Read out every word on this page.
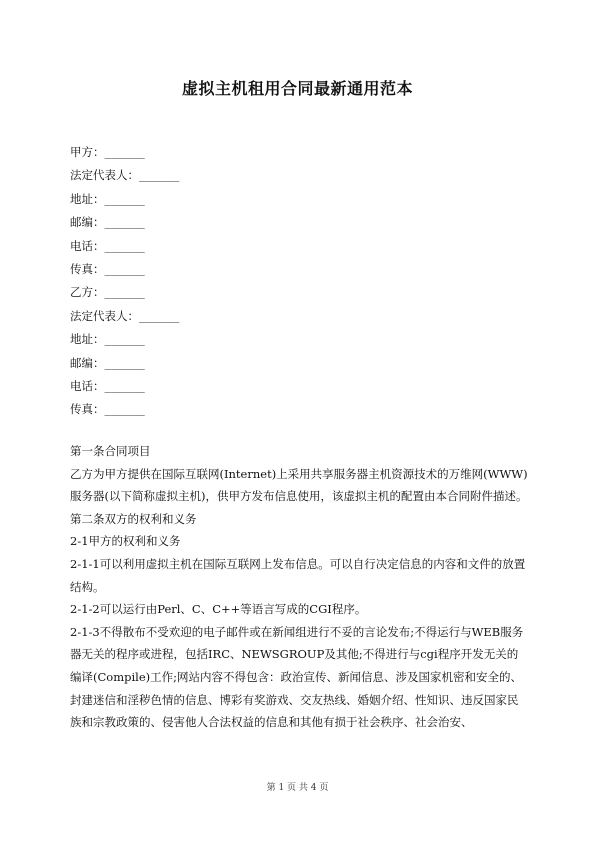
虚拟主机租用合同最新通用范本
甲方：_______
法定代表人：_______
地址：_______
邮编：_______
电话：_______
传真：_______
乙方：_______
法定代表人：_______
地址：_______
邮编：_______
电话：_______
传真：_______

第一条合同项目

乙方为甲方提供在国际互联网(Internet)上采用共享服务器主机资源技术的万维网(WWW)服务器(以下简称虚拟主机)，供甲方发布信息使用，该虚拟主机的配置由本合同附件描述。

第二条双方的权利和义务

2-1甲方的权利和义务

2-1-1可以利用虚拟主机在国际互联网上发布信息。可以自行决定信息的内容和文件的放置结构。

2-1-2可以运行由Perl、C、C++等语言写成的CGI程序。

2-1-3不得散布不受欢迎的电子邮件或在新闻组进行不妥的言论发布;不得运行与WEB服务器无关的程序或进程，包括IRC、NEWSGROUP及其他;不得进行与cgi程序开发无关的编译(Compile)工作;网站内容不得包含：政治宣传、新闻信息、涉及国家机密和安全的、封建迷信和淫秽色情的信息、博彩有奖游戏、交友热线、婚姻介绍、性知识、违反国家民族和宗教政策的、侵害他人合法权益的信息和其他有损于社会秩序、社会治安、

第 1 页 共 4 页
